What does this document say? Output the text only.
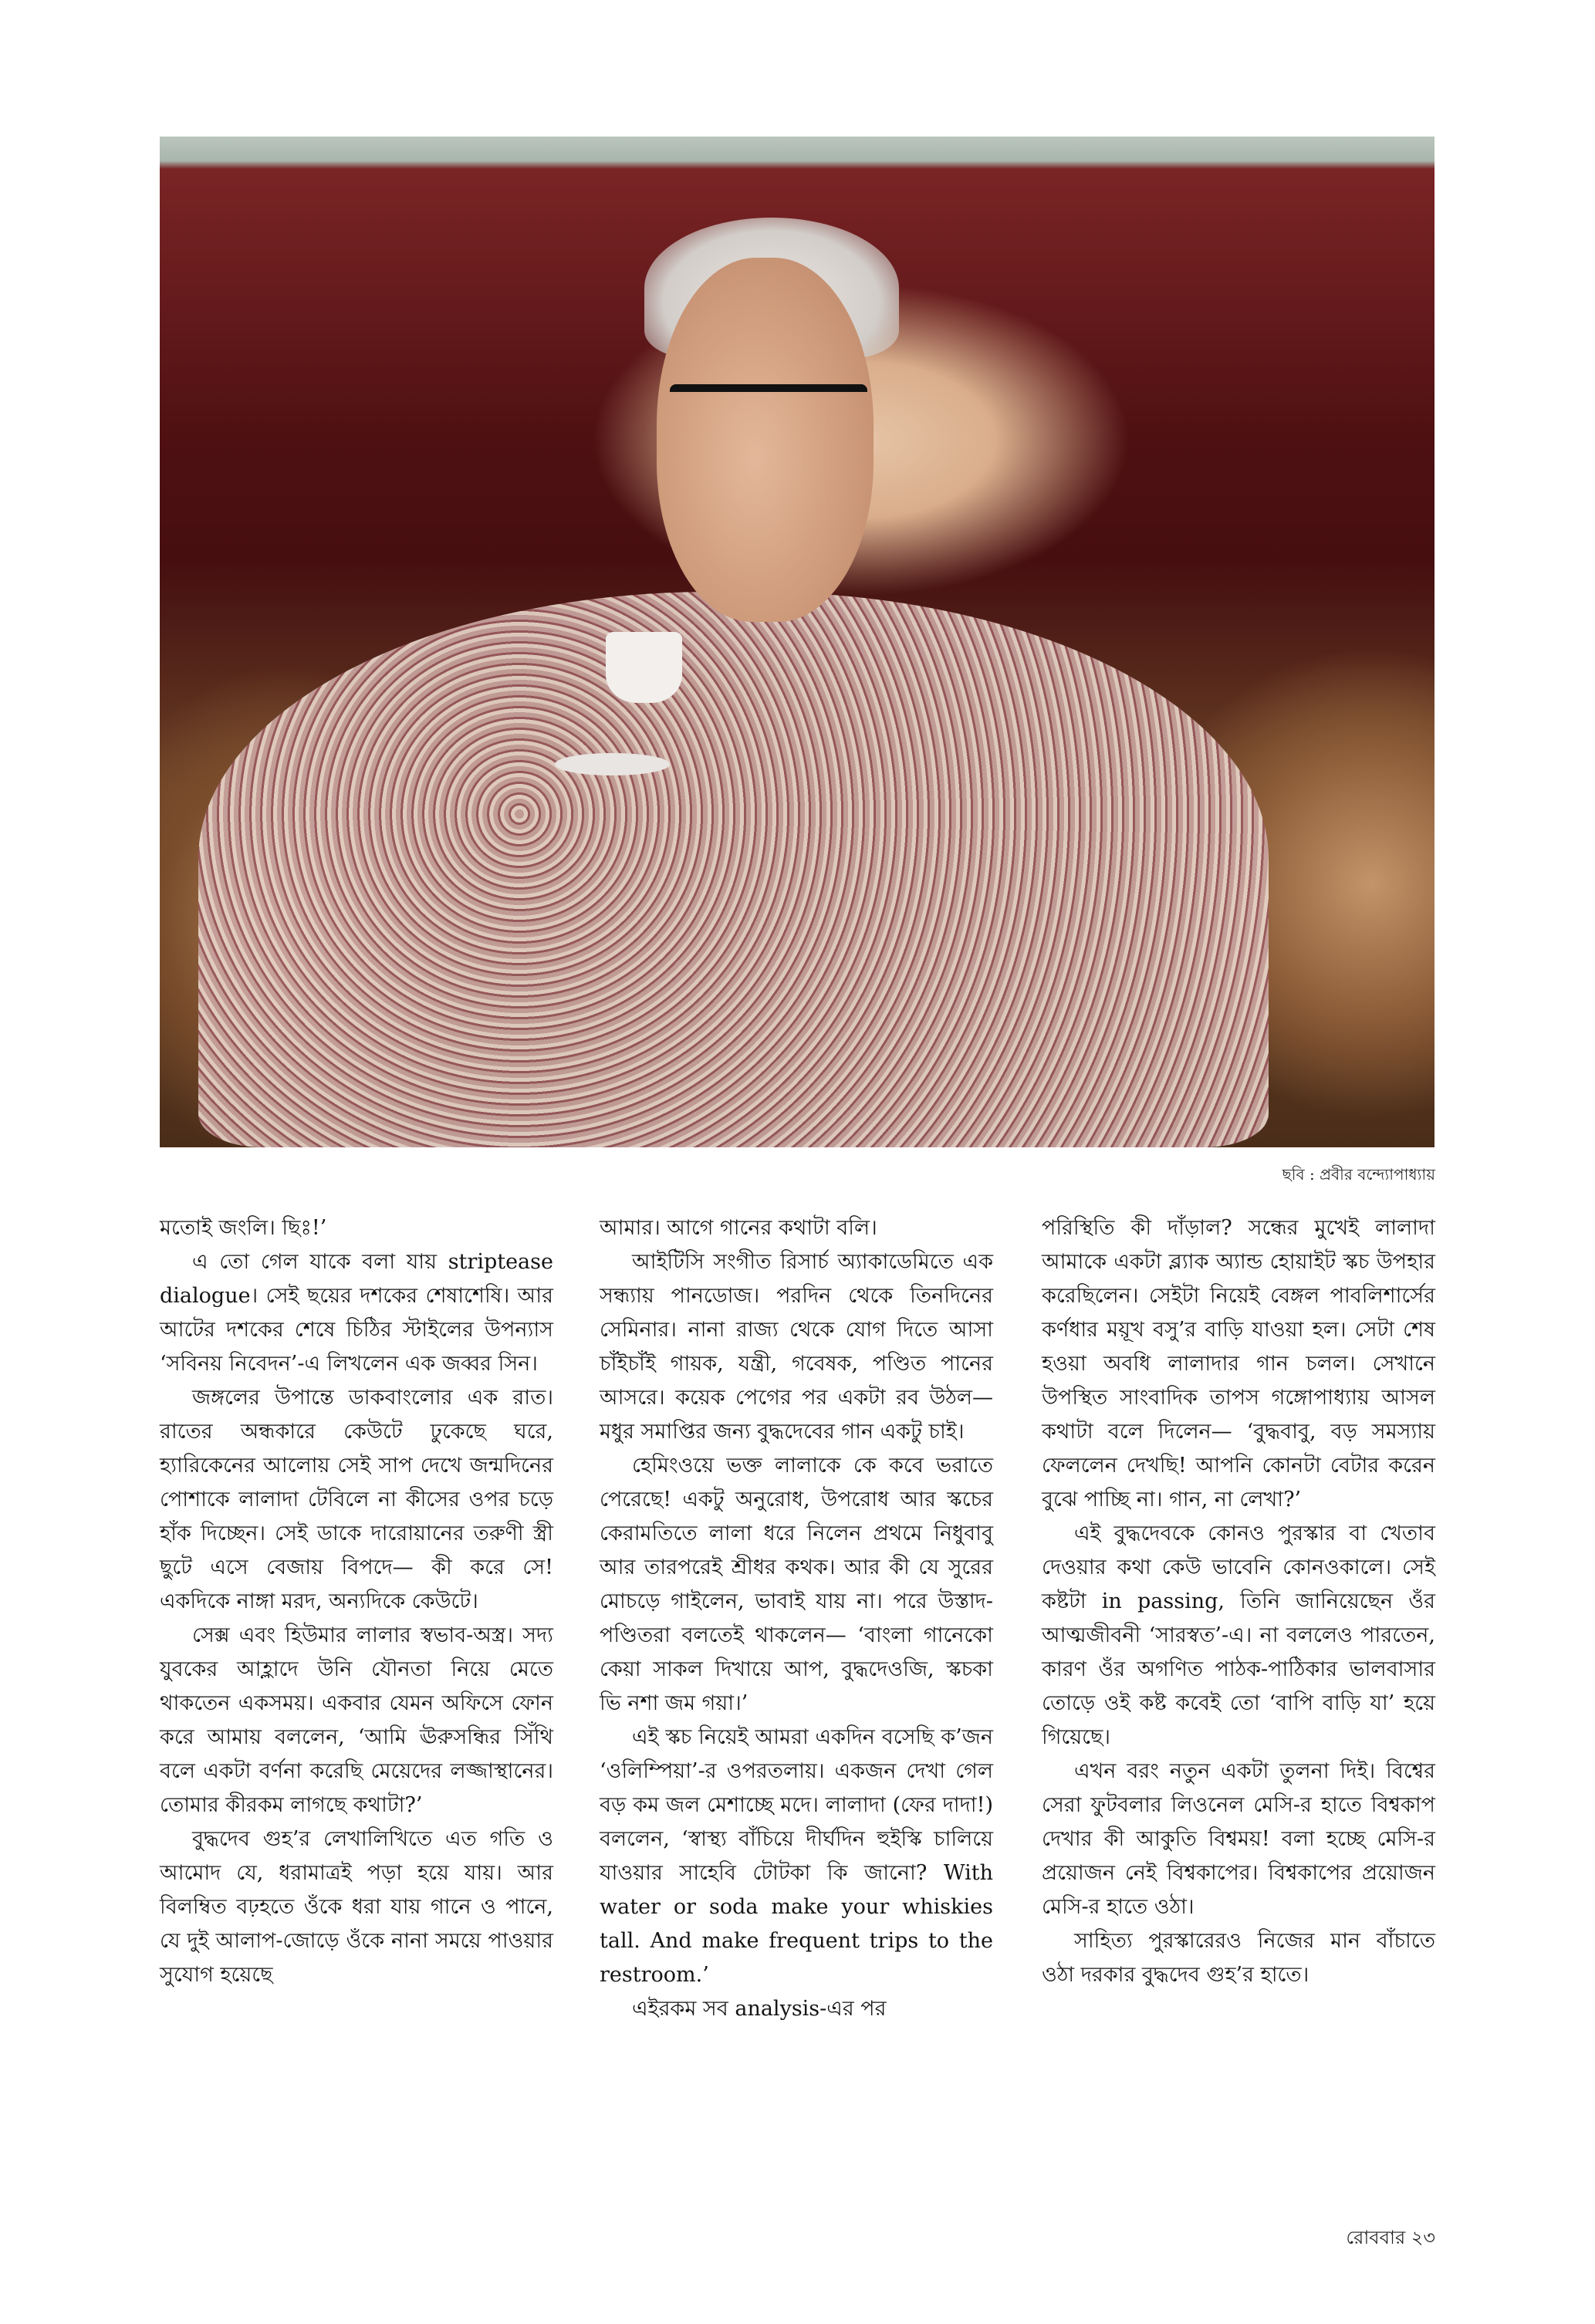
ছবি : প্রবীর বন্দ্যোপাধ্যায়

মতোই জংলি। ছিঃ!’

এ তো গেল যাকে বলা যায় striptease dialogue। সেই ছয়ের দশকের শেষাশেষি। আর আটের দশকের শেষে চিঠির স্টাইলের উপন্যাস ‘সবিনয় নিবেদন’-এ লিখলেন এক জব্বর সিন।

জঙ্গলের উপান্তে ডাকবাংলোর এক রাত। রাতের অন্ধকারে কেউটে ঢুকেছে ঘরে, হ্যারিকেনের আলোয় সেই সাপ দেখে জন্মদিনের পোশাকে লালাদা টেবিলে না কীসের ওপর চড়ে হাঁক দিচ্ছেন। সেই ডাকে দারোয়ানের তরুণী স্ত্রী ছুটে এসে বেজায় বিপদে— কী করে সে! একদিকে নাঙ্গা মরদ, অন্যদিকে কেউটে।

সেক্স এবং হিউমার লালার স্বভাব-অস্ত্র। সদ্য যুবকের আহ্লাদে উনি যৌনতা নিয়ে মেতে থাকতেন একসময়। একবার যেমন অফিসে ফোন করে আমায় বললেন, ‘আমি ঊরুসন্ধির সিঁথি বলে একটা বর্ণনা করেছি মেয়েদের লজ্জাস্থানের। তোমার কীরকম লাগছে কথাটা?’

বুদ্ধদেব গুহ’র লেখালিখিতে এত গতি ও আমোদ যে, ধরামাত্রই পড়া হয়ে যায়। আর বিলম্বিত বঢ়হতে ওঁকে ধরা যায় গানে ও পানে, যে দুই আলাপ-জোড়ে ওঁকে নানা সময়ে পাওয়ার সুযোগ হয়েছে

আমার। আগে গানের কথাটা বলি।

আইটিসি সংগীত রিসার্চ অ্যাকাডেমিতে এক সন্ধ্যায় পানডোজ। পরদিন থেকে তিনদিনের সেমিনার। নানা রাজ্য থেকে যোগ দিতে আসা চাঁইচাঁই গায়ক, যন্ত্রী, গবেষক, পণ্ডিত পানের আসরে। কয়েক পেগের পর একটা রব উঠল— মধুর সমাপ্তির জন্য বুদ্ধদেবের গান একটু চাই।

হেমিংওয়ে ভক্ত লালাকে কে কবে ভরাতে পেরেছে! একটু অনুরোধ, উপরোধ আর স্কচের কেরামতিতে লালা ধরে নিলেন প্রথমে নিধুবাবু আর তারপরেই শ্রীধর কথক। আর কী যে সুরের মোচড়ে গাইলেন, ভাবাই যায় না। পরে উস্তাদ-পণ্ডিতরা বলতেই থাকলেন— ‘বাংলা গানেকো কেয়া সাকল দিখায়ে আপ, বুদ্ধদেওজি, স্কচকা ভি নশা জম গয়া।’

এই স্কচ নিয়েই আমরা একদিন বসেছি ক’জন ‘ওলিম্পিয়া’-র ওপরতলায়। একজন দেখা গেল বড় কম জল মেশাচ্ছে মদে। লালাদা (ফের দাদা!) বললেন, ‘স্বাস্থ্য বাঁচিয়ে দীর্ঘদিন হুইস্কি চালিয়ে যাওয়ার সাহেবি টোটকা কি জানো? With water or soda make your whiskies tall. And make frequent trips to the restroom.’

এইরকম সব analysis-এর পর

পরিস্থিতি কী দাঁড়াল? সন্ধের মুখেই লালাদা আমাকে একটা ব্ল্যাক অ্যান্ড হোয়াইট স্কচ উপহার করেছিলেন। সেইটা নিয়েই বেঙ্গল পাবলিশার্সের কর্ণধার ময়ূখ বসু’র বাড়ি যাওয়া হল। সেটা শেষ হওয়া অবধি লালাদার গান চলল। সেখানে উপস্থিত সাংবাদিক তাপস গঙ্গোপাধ্যায় আসল কথাটা বলে দিলেন— ‘বুদ্ধবাবু, বড় সমস্যায় ফেললেন দেখছি! আপনি কোনটা বেটার করেন বুঝে পাচ্ছি না। গান, না লেখা?’

এই বুদ্ধদেবকে কোনও পুরস্কার বা খেতাব দেওয়ার কথা কেউ ভাবেনি কোনওকালে। সেই কষ্টটা in passing, তিনি জানিয়েছেন ওঁর আত্মজীবনী ‘সারস্বত’-এ। না বললেও পারতেন, কারণ ওঁর অগণিত পাঠক-পাঠিকার ভালবাসার তোড়ে ওই কষ্ট কবেই তো ‘বাপি বাড়ি যা’ হয়ে গিয়েছে।

এখন বরং নতুন একটা তুলনা দিই। বিশ্বের সেরা ফুটবলার লিওনেল মেসি-র হাতে বিশ্বকাপ দেখার কী আকুতি বিশ্বময়! বলা হচ্ছে মেসি-র প্রয়োজন নেই বিশ্বকাপের। বিশ্বকাপের প্রয়োজন মেসি-র হাতে ওঠা।

সাহিত্য পুরস্কারেরও নিজের মান বাঁচাতে ওঠা দরকার বুদ্ধদেব গুহ’র হাতে।

রোববার ২৩
